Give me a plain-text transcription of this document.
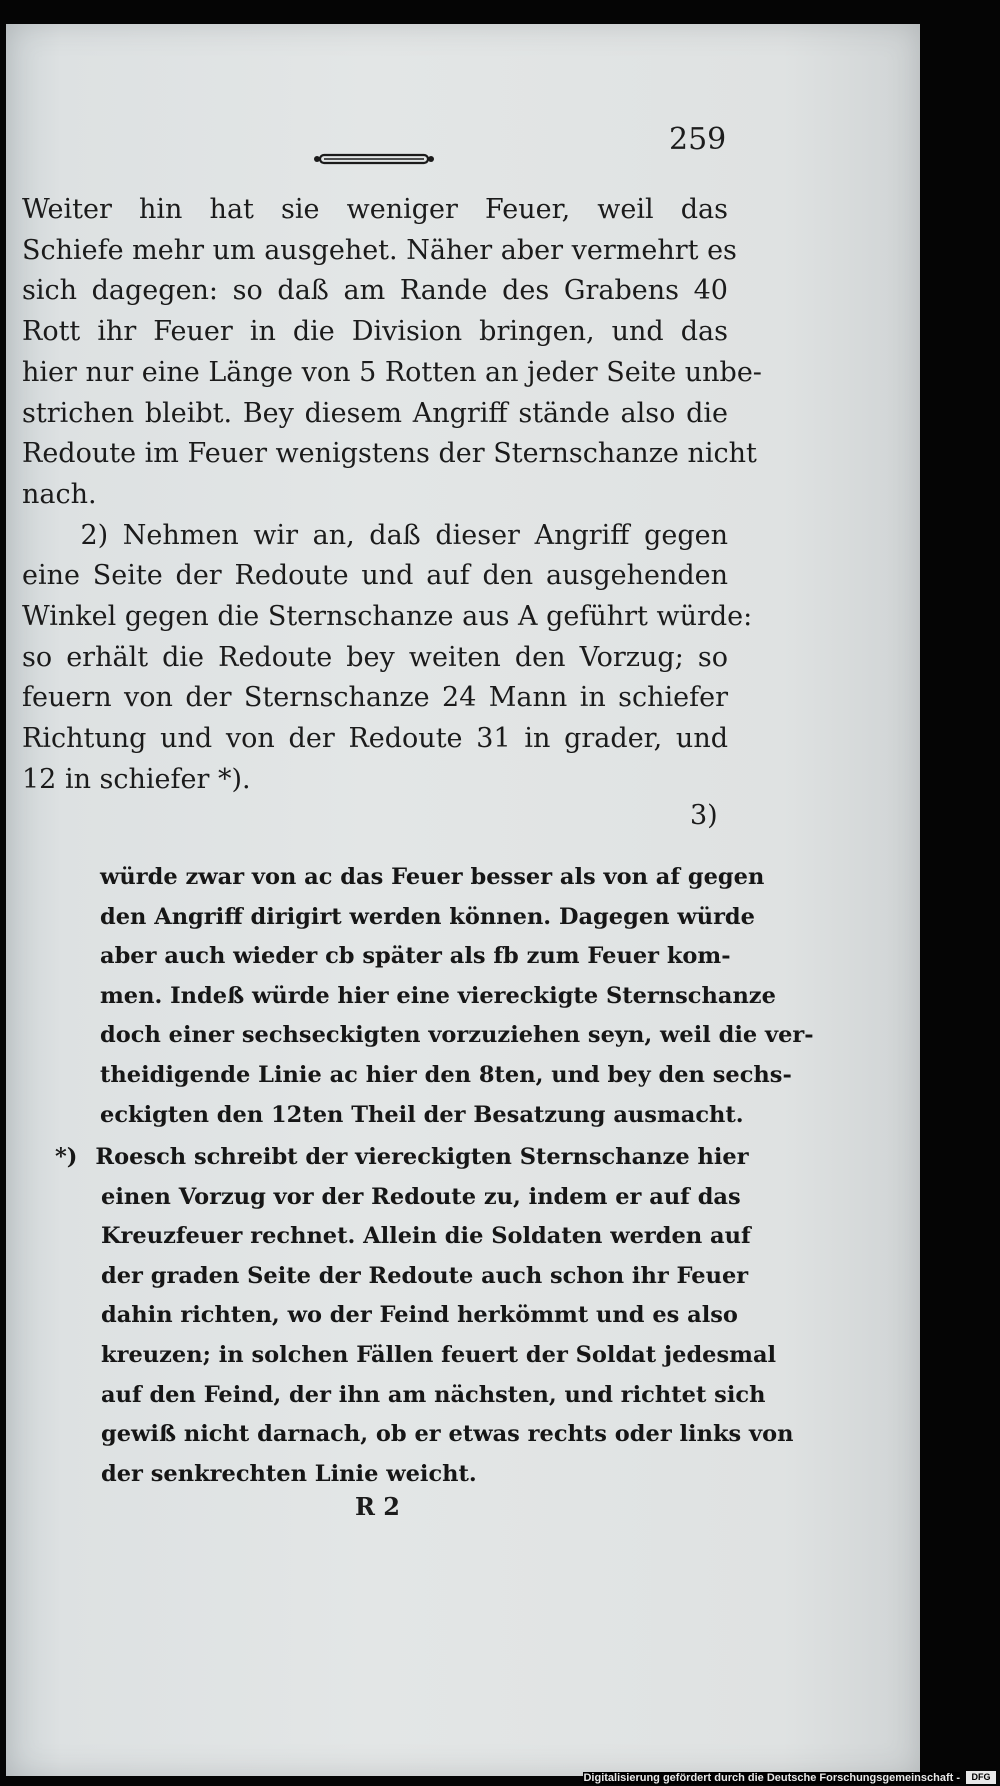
259

Weiter hin hat sie weniger Feuer, weil das
Schiefe mehr um ausgehet. Näher aber vermehrt es
sich dagegen: so daß am Rande des Grabens 40
Rott ihr Feuer in die Division bringen, und das
hier nur eine Länge von 5 Rotten an jeder Seite unbe-
strichen bleibt. Bey diesem Angriff stände also die
Redoute im Feuer wenigstens der Sternschanze nicht
nach.
2) Nehmen wir an, daß dieser Angriff gegen
eine Seite der Redoute und auf den ausgehenden
Winkel gegen die Sternschanze aus A geführt würde:
so erhält die Redoute bey weiten den Vorzug; so
feuern von der Sternschanze 24 Mann in schiefer
Richtung und von der Redoute 31 in grader, und
12 in schiefer *).

3)
würde zwar von ac das Feuer besser als von af gegen
den Angriff dirigirt werden können. Dagegen würde
aber auch wieder cb später als fb zum Feuer kom-
men. Indeß würde hier eine viereckigte Sternschanze
doch einer sechseckigten vorzuziehen seyn, weil die ver-
theidigende Linie ac hier den 8ten, und bey den sechs-
eckigten den 12ten Theil der Besatzung ausmacht.
*) Roesch schreibt der viereckigten Sternschanze hier
einen Vorzug vor der Redoute zu, indem er auf das
Kreuzfeuer rechnet. Allein die Soldaten werden auf
der graden Seite der Redoute auch schon ihr Feuer
dahin richten, wo der Feind herkömmt und es also
kreuzen; in solchen Fällen feuert der Soldat jedesmal
auf den Feind, der ihn am nächsten, und richtet sich
gewiß nicht darnach, ob er etwas rechts oder links von
der senkrechten Linie weicht.
R 2
Digitalisierung gefördert durch die Deutsche Forschungsgemeinschaft -	DFG
